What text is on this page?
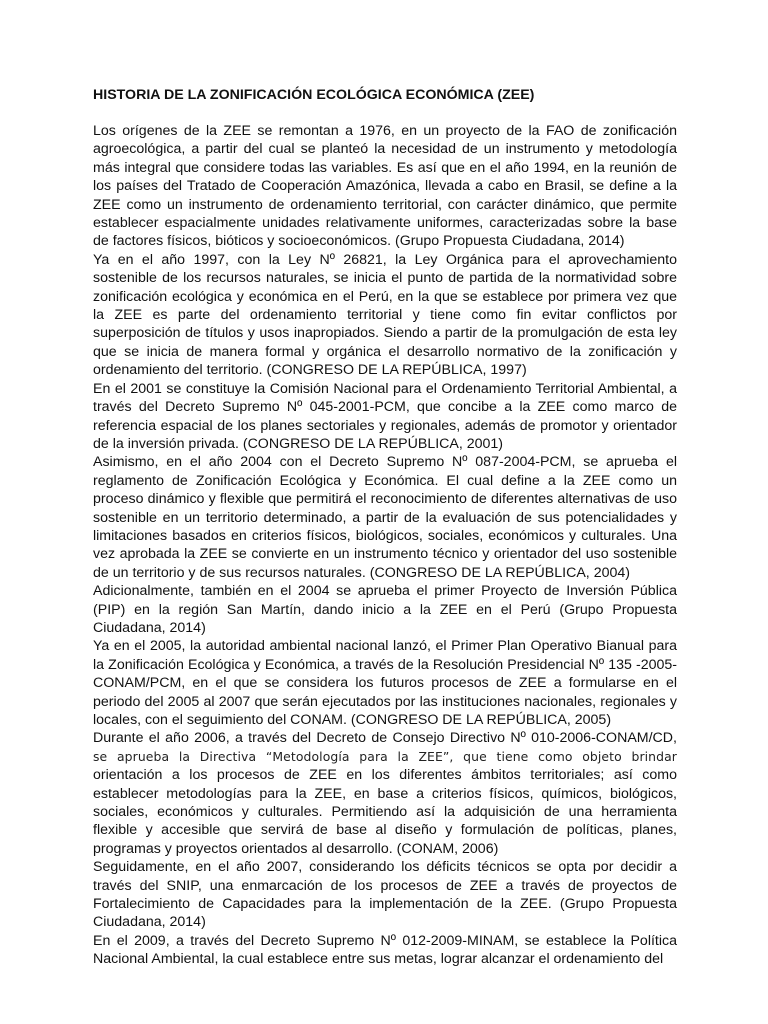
HISTORIA DE LA ZONIFICACIÓN ECOLÓGICA ECONÓMICA (ZEE)

Los orígenes de la ZEE se remontan a 1976, en un proyecto de la FAO de zonificación
agroecológica, a partir del cual se planteó la necesidad de un instrumento y metodología
más integral que considere todas las variables. Es así que en el año 1994, en la reunión de
los países del Tratado de Cooperación Amazónica, llevada a cabo en Brasil, se define a la
ZEE como un instrumento de ordenamiento territorial, con carácter dinámico, que permite
establecer espacialmente unidades relativamente uniformes, caracterizadas sobre la base
de factores físicos, bióticos y socioeconómicos. (Grupo Propuesta Ciudadana, 2014)

Ya en el año 1997, con la Ley Nº 26821, la Ley Orgánica para el aprovechamiento
sostenible de los recursos naturales, se inicia el punto de partida de la normatividad sobre
zonificación ecológica y económica en el Perú, en la que se establece por primera vez que
la ZEE es parte del ordenamiento territorial y tiene como fin evitar conflictos por
superposición de títulos y usos inapropiados. Siendo a partir de la promulgación de esta ley
que se inicia de manera formal y orgánica el desarrollo normativo de la zonificación y
ordenamiento del territorio. (CONGRESO DE LA REPÚBLICA, 1997)

En el 2001 se constituye la Comisión Nacional para el Ordenamiento Territorial Ambiental, a
través del Decreto Supremo Nº 045-2001-PCM, que concibe a la ZEE como marco de
referencia espacial de los planes sectoriales y regionales, además de promotor y orientador
de la inversión privada. (CONGRESO DE LA REPÚBLICA, 2001)

Asimismo, en el año 2004 con el Decreto Supremo Nº 087-2004-PCM, se aprueba el
reglamento de Zonificación Ecológica y Económica. El cual define a la ZEE como un
proceso dinámico y flexible que permitirá el reconocimiento de diferentes alternativas de uso
sostenible en un territorio determinado, a partir de la evaluación de sus potencialidades y
limitaciones basados en criterios físicos, biológicos, sociales, económicos y culturales. Una
vez aprobada la ZEE se convierte en un instrumento técnico y orientador del uso sostenible
de un territorio y de sus recursos naturales. (CONGRESO DE LA REPÚBLICA, 2004)

Adicionalmente, también en el 2004 se aprueba el primer Proyecto de Inversión Pública
(PIP) en la región San Martín, dando inicio a la ZEE en el Perú (Grupo Propuesta
Ciudadana, 2014)

Ya en el 2005, la autoridad ambiental nacional lanzó, el Primer Plan Operativo Bianual para
la Zonificación Ecológica y Económica, a través de la Resolución Presidencial Nº 135 -2005-
CONAM/PCM, en el que se considera los futuros procesos de ZEE a formularse en el
periodo del 2005 al 2007 que serán ejecutados por las instituciones nacionales, regionales y
locales, con el seguimiento del CONAM. (CONGRESO DE LA REPÚBLICA, 2005)

Durante el año 2006, a través del Decreto de Consejo Directivo Nº 010-2006-CONAM/CD,
se aprueba la Directiva “Metodología para la ZEE”, que tiene como objeto brindar
orientación a los procesos de ZEE en los diferentes ámbitos territoriales; así como
establecer metodologías para la ZEE, en base a criterios físicos, químicos, biológicos,
sociales, económicos y culturales. Permitiendo así la adquisición de una herramienta
flexible y accesible que servirá de base al diseño y formulación de políticas, planes,
programas y proyectos orientados al desarrollo. (CONAM, 2006)

Seguidamente, en el año 2007, considerando los déficits técnicos se opta por decidir a
través del SNIP, una enmarcación de los procesos de ZEE a través de proyectos de
Fortalecimiento de Capacidades para la implementación de la ZEE. (Grupo Propuesta
Ciudadana, 2014)

En el 2009, a través del Decreto Supremo Nº 012-2009-MINAM, se establece la Política
Nacional Ambiental, la cual establece entre sus metas, lograr alcanzar el ordenamiento del
